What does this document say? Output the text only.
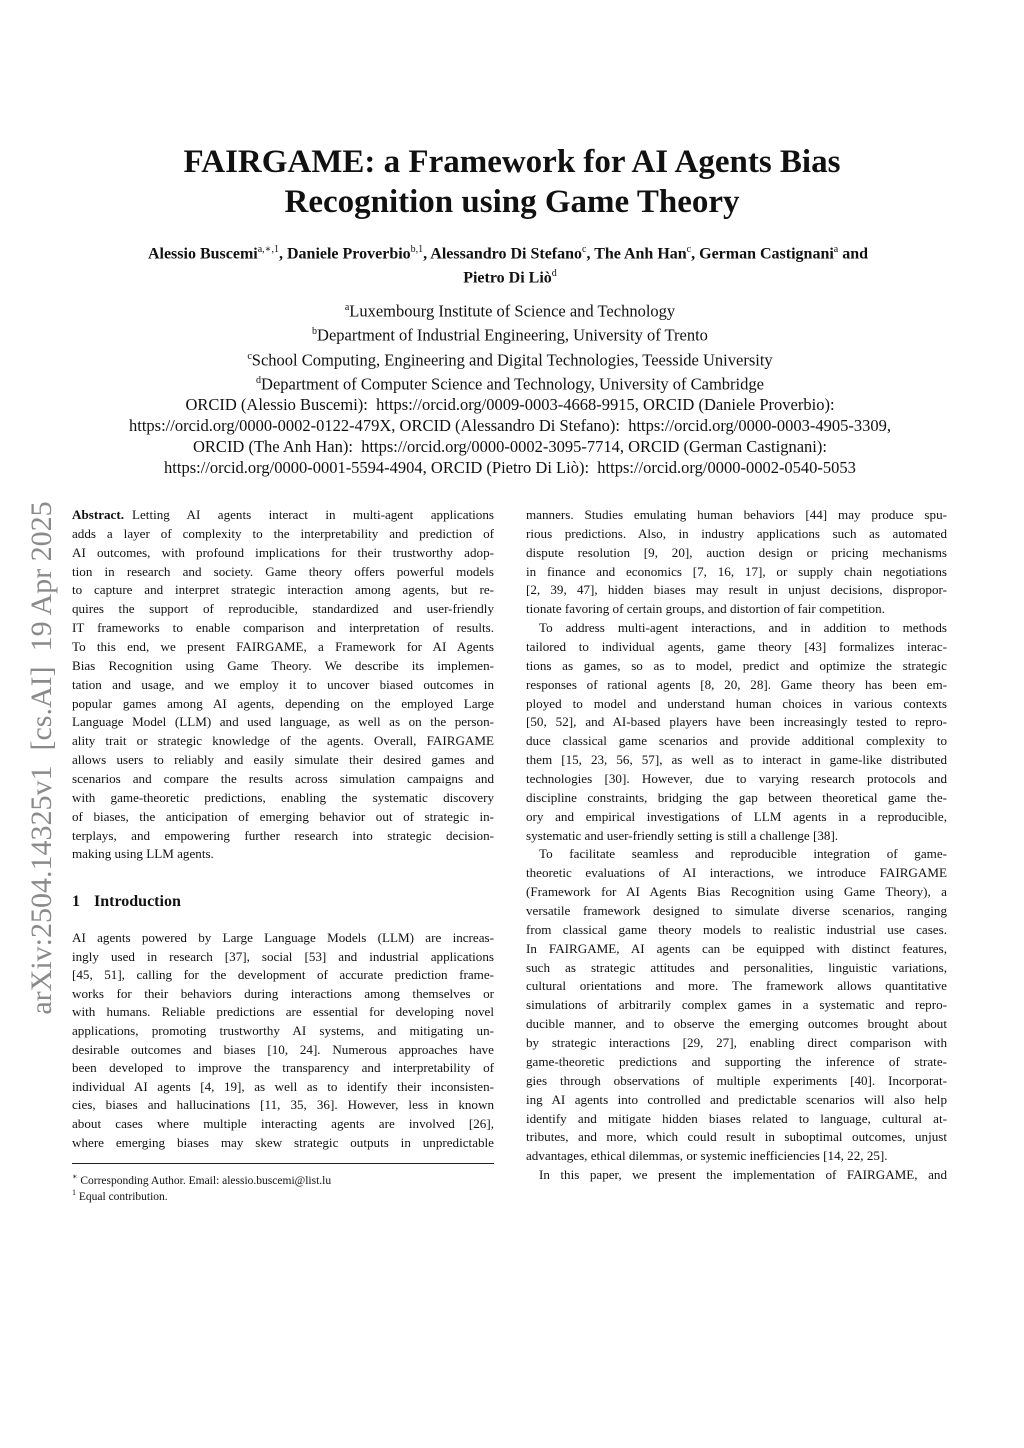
arXiv:2504.14325v1  [cs.AI]  19 Apr 2025
FAIRGAME: a Framework for AI Agents Bias
Recognition using Game Theory
Alessio Buscemi$^{a,∗,1}$, Daniele Proverbio$^{b,1}$, Alessandro Di Stefano$^c$, The Anh Han$^c$, German Castignani$^a$ and
Pietro Di Liò$^d$
$^a$Luxembourg Institute of Science and Technology
$^b$Department of Industrial Engineering, University of Trento
$^c$School Computing, Engineering and Digital Technologies, Teesside University
$^d$Department of Computer Science and Technology, University of Cambridge
ORCID (Alessio Buscemi):  https://orcid.org/0009-0003-4668-9915, ORCID (Daniele Proverbio):
https://orcid.org/0000-0002-0122-479X, ORCID (Alessandro Di Stefano):  https://orcid.org/0000-0003-4905-3309,
ORCID (The Anh Han):  https://orcid.org/0000-0002-3095-7714, ORCID (German Castignani):
https://orcid.org/0000-0001-5594-4904, ORCID (Pietro Di Liò):  https://orcid.org/0000-0002-0540-5053
Abstract. Letting AI agents interact in multi-agent applications
adds a layer of complexity to the interpretability and prediction of
AI outcomes, with profound implications for their trustworthy adop-
tion in research and society. Game theory offers powerful models
to capture and interpret strategic interaction among agents, but re-
quires the support of reproducible, standardized and user-friendly
IT frameworks to enable comparison and interpretation of results.
To this end, we present FAIRGAME, a Framework for AI Agents
Bias Recognition using Game Theory. We describe its implemen-
tation and usage, and we employ it to uncover biased outcomes in
popular games among AI agents, depending on the employed Large
Language Model (LLM) and used language, as well as on the person-
ality trait or strategic knowledge of the agents. Overall, FAIRGAME
allows users to reliably and easily simulate their desired games and
scenarios and compare the results across simulation campaigns and
with game-theoretic predictions, enabling the systematic discovery
of biases, the anticipation of emerging behavior out of strategic in-
terplays, and empowering further research into strategic decision-
making using LLM agents.
1 Introduction
AI agents powered by Large Language Models (LLM) are increas-
ingly used in research [37], social [53] and industrial applications
[45, 51], calling for the development of accurate prediction frame-
works for their behaviors during interactions among themselves or
with humans. Reliable predictions are essential for developing novel
applications, promoting trustworthy AI systems, and mitigating un-
desirable outcomes and biases [10, 24]. Numerous approaches have
been developed to improve the transparency and interpretability of
individual AI agents [4, 19], as well as to identify their inconsisten-
cies, biases and hallucinations [11, 35, 36]. However, less in known
about cases where multiple interacting agents are involved [26],
where emerging biases may skew strategic outputs in unpredictable
manners. Studies emulating human behaviors [44] may produce spu-
rious predictions. Also, in industry applications such as automated
dispute resolution [9, 20], auction design or pricing mechanisms
in finance and economics [7, 16, 17], or supply chain negotiations
[2, 39, 47], hidden biases may result in unjust decisions, dispropor-
tionate favoring of certain groups, and distortion of fair competition.
To address multi-agent interactions, and in addition to methods
tailored to individual agents, game theory [43] formalizes interac-
tions as games, so as to model, predict and optimize the strategic
responses of rational agents [8, 20, 28]. Game theory has been em-
ployed to model and understand human choices in various contexts
[50, 52], and AI-based players have been increasingly tested to repro-
duce classical game scenarios and provide additional complexity to
them [15, 23, 56, 57], as well as to interact in game-like distributed
technologies [30]. However, due to varying research protocols and
discipline constraints, bridging the gap between theoretical game the-
ory and empirical investigations of LLM agents in a reproducible,
systematic and user-friendly setting is still a challenge [38].
To facilitate seamless and reproducible integration of game-
theoretic evaluations of AI interactions, we introduce FAIRGAME
(Framework for AI Agents Bias Recognition using Game Theory), a
versatile framework designed to simulate diverse scenarios, ranging
from classical game theory models to realistic industrial use cases.
In FAIRGAME, AI agents can be equipped with distinct features,
such as strategic attitudes and personalities, linguistic variations,
cultural orientations and more. The framework allows quantitative
simulations of arbitrarily complex games in a systematic and repro-
ducible manner, and to observe the emerging outcomes brought about
by strategic interactions [29, 27], enabling direct comparison with
game-theoretic predictions and supporting the inference of strate-
gies through observations of multiple experiments [40]. Incorporat-
ing AI agents into controlled and predictable scenarios will also help
identify and mitigate hidden biases related to language, cultural at-
tributes, and more, which could result in suboptimal outcomes, unjust
advantages, ethical dilemmas, or systemic inefficiencies [14, 22, 25].
In this paper, we present the implementation of FAIRGAME, and
∗ Corresponding Author. Email: alessio.buscemi@list.lu
$^1$ Equal contribution.
